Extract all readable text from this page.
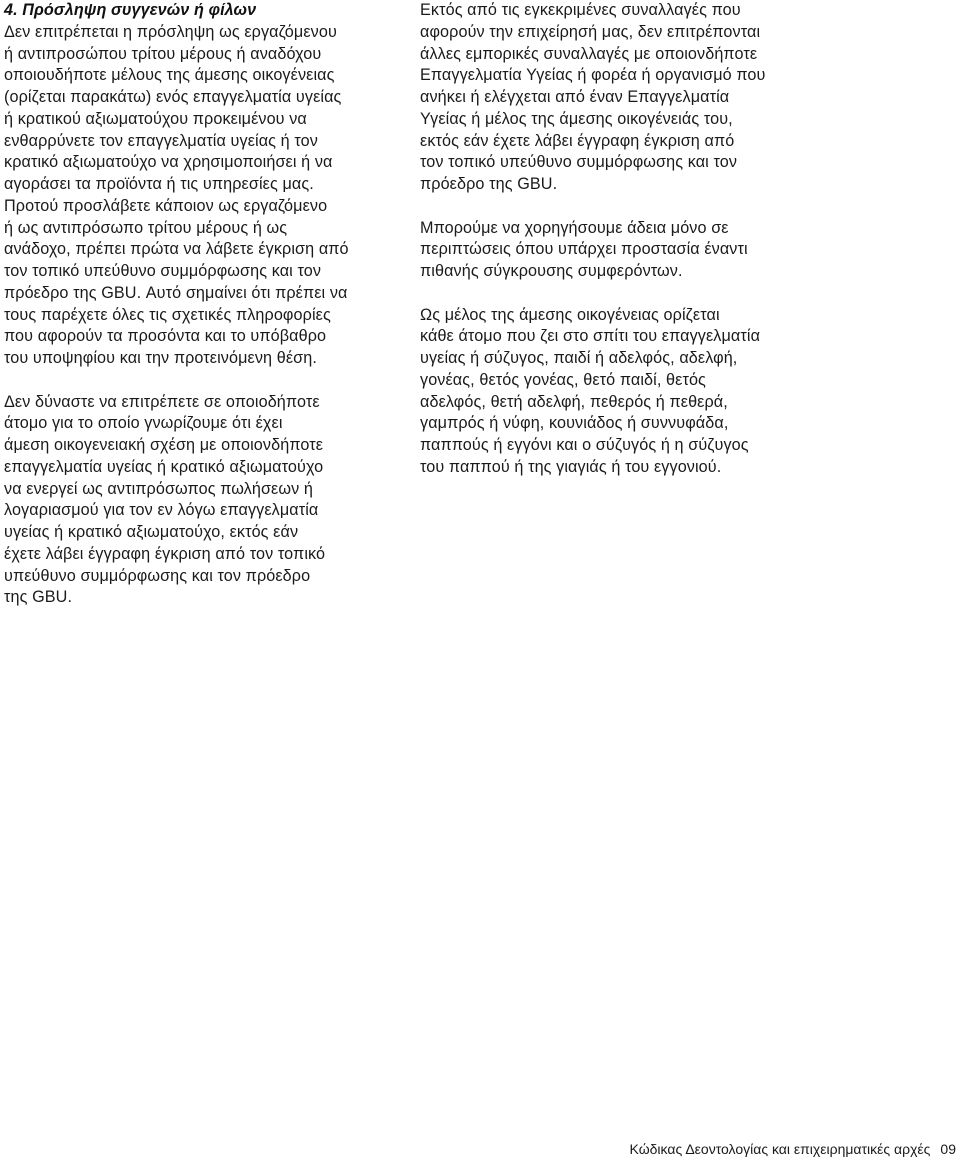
4. Πρόσληψη συγγενών ή φίλων

Δεν επιτρέπεται η πρόσληψη ως εργαζόμενου
ή αντιπροσώπου τρίτου μέρους ή αναδόχου
οποιουδήποτε μέλους της άμεσης οικογένειας
(ορίζεται παρακάτω) ενός επαγγελματία υγείας
ή κρατικού αξιωματούχου προκειμένου να
ενθαρρύνετε τον επαγγελματία υγείας ή τον
κρατικό αξιωματούχο να χρησιμοποιήσει ή να
αγοράσει τα προϊόντα ή τις υπηρεσίες μας.
Προτού προσλάβετε κάποιον ως εργαζόμενο
ή ως αντιπρόσωπο τρίτου μέρους ή ως
ανάδοχο, πρέπει πρώτα να λάβετε έγκριση από
τον τοπικό υπεύθυνο συμμόρφωσης και τον
πρόεδρο της GBU. Αυτό σημαίνει ότι πρέπει να
τους παρέχετε όλες τις σχετικές πληροφορίες
που αφορούν τα προσόντα και το υπόβαθρο
του υποψηφίου και την προτεινόμενη θέση.

Δεν δύναστε να επιτρέπετε σε οποιοδήποτε
άτομο για το οποίο γνωρίζουμε ότι έχει
άμεση οικογενειακή σχέση με οποιονδήποτε
επαγγελματία υγείας ή κρατικό αξιωματούχο
να ενεργεί ως αντιπρόσωπος πωλήσεων ή
λογαριασμού για τον εν λόγω επαγγελματία
υγείας ή κρατικό αξιωματούχο, εκτός εάν
έχετε λάβει έγγραφη έγκριση από τον τοπικό
υπεύθυνο συμμόρφωσης και τον πρόεδρο
της GBU.

Εκτός από τις εγκεκριμένες συναλλαγές που
αφορούν την επιχείρησή μας, δεν επιτρέπονται
άλλες εμπορικές συναλλαγές με οποιονδήποτε
Επαγγελματία Υγείας ή φορέα ή οργανισμό που
ανήκει ή ελέγχεται από έναν Επαγγελματία
Υγείας ή μέλος της άμεσης οικογένειάς του,
εκτός εάν έχετε λάβει έγγραφη έγκριση από
τον τοπικό υπεύθυνο συμμόρφωσης και τον
πρόεδρο της GBU.

Μπορούμε να χορηγήσουμε άδεια μόνο σε
περιπτώσεις όπου υπάρχει προστασία έναντι
πιθανής σύγκρουσης συμφερόντων.

Ως μέλος της άμεσης οικογένειας ορίζεται
κάθε άτομο που ζει στο σπίτι του επαγγελματία
υγείας ή σύζυγος, παιδί ή αδελφός, αδελφή,
γονέας, θετός γονέας, θετό παιδί, θετός
αδελφός, θετή αδελφή, πεθερός ή πεθερά,
γαμπρός ή νύφη, κουνιάδος ή συννυφάδα,
παππούς ή εγγόνι και ο σύζυγός ή η σύζυγος
του παππού ή της γιαγιάς ή του εγγονιού.

Κώδικας Δεοντολογίας και επιχειρηματικές αρχές 09
